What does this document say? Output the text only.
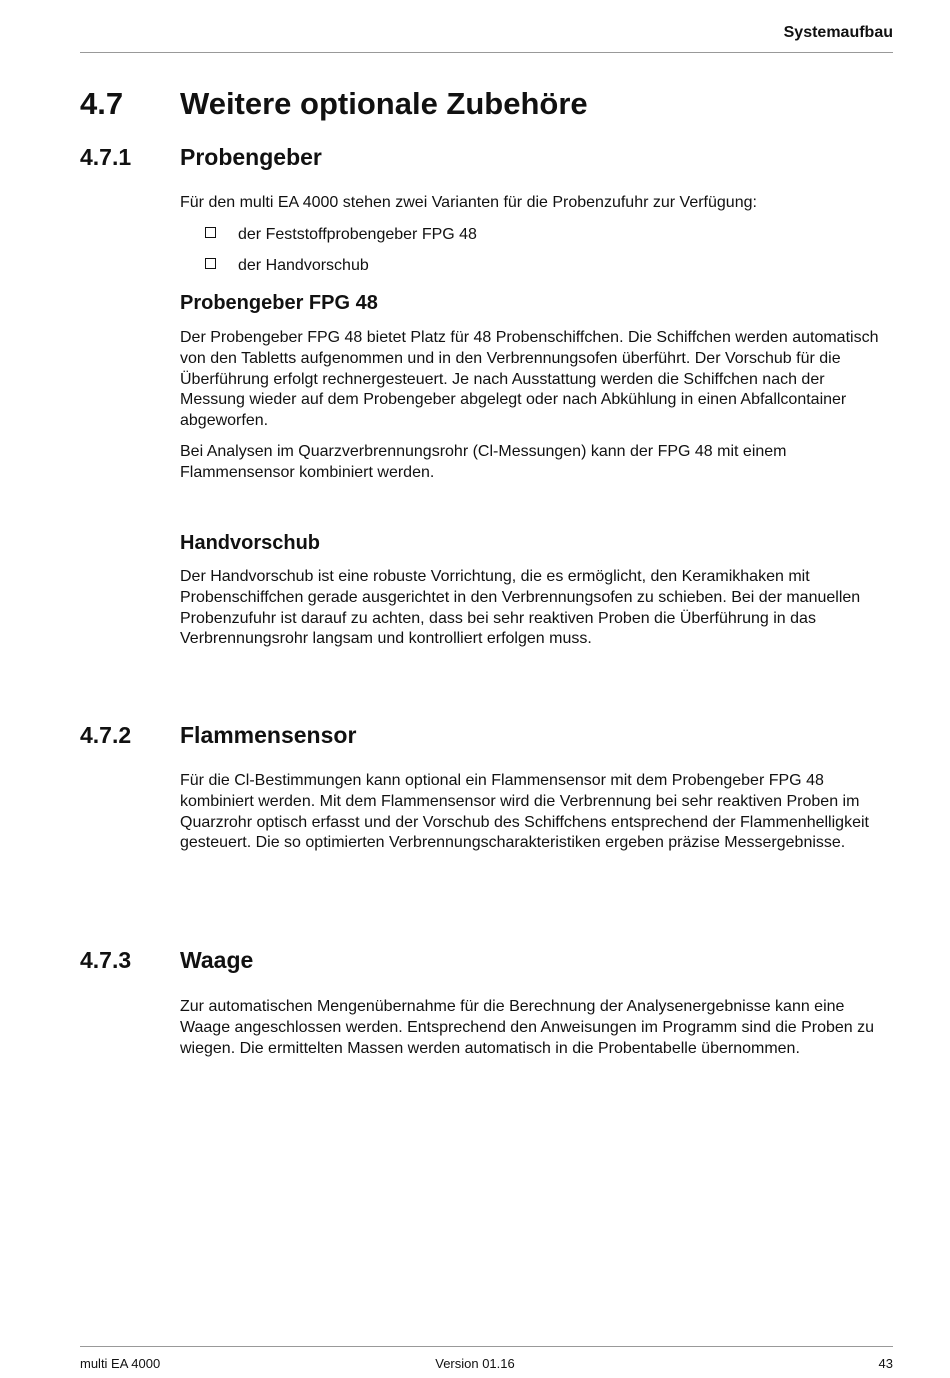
Systemaufbau
4.7 Weitere optionale Zubehöre
4.7.1 Probengeber

Für den multi EA 4000 stehen zwei Varianten für die Probenzufuhr zur Verfügung:

der Feststoffprobengeber FPG 48
der Handvorschub
Probengeber FPG 48

Der Probengeber FPG 48 bietet Platz für 48 Probenschiffchen. Die Schiffchen werden automatisch von den Tabletts aufgenommen und in den Verbrennungsofen überführt. Der Vorschub für die Überführung erfolgt rechnergesteuert. Je nach Ausstattung werden die Schiffchen nach der Messung wieder auf dem Probengeber abgelegt oder nach Abkühlung in einen Abfallcontainer abgeworfen.

Bei Analysen im Quarzverbrennungsrohr (Cl-Messungen) kann der FPG 48 mit einem Flammensensor kombiniert werden.

Handvorschub

Der Handvorschub ist eine robuste Vorrichtung, die es ermöglicht, den Keramikhaken mit Probenschiffchen gerade ausgerichtet in den Verbrennungsofen zu schieben. Bei der manuellen Probenzufuhr ist darauf zu achten, dass bei sehr reaktiven Proben die Überführung in das Verbrennungsrohr langsam und kontrolliert erfolgen muss.

4.7.2 Flammensensor

Für die Cl-Bestimmungen kann optional ein Flammensensor mit dem Probengeber FPG 48 kombiniert werden. Mit dem Flammensensor wird die Verbrennung bei sehr reaktiven Proben im Quarzrohr optisch erfasst und der Vorschub des Schiffchens entsprechend der Flammenhelligkeit gesteuert. Die so optimierten Verbrennungscharakteristiken ergeben präzise Messergebnisse.

4.7.3 Waage

Zur automatischen Mengenübernahme für die Berechnung der Analysenergebnisse kann eine Waage angeschlossen werden. Entsprechend den Anweisungen im Programm sind die Proben zu wiegen. Die ermittelten Massen werden automatisch in die Probentabelle übernommen.

multi EA 4000	Version 01.16	43
